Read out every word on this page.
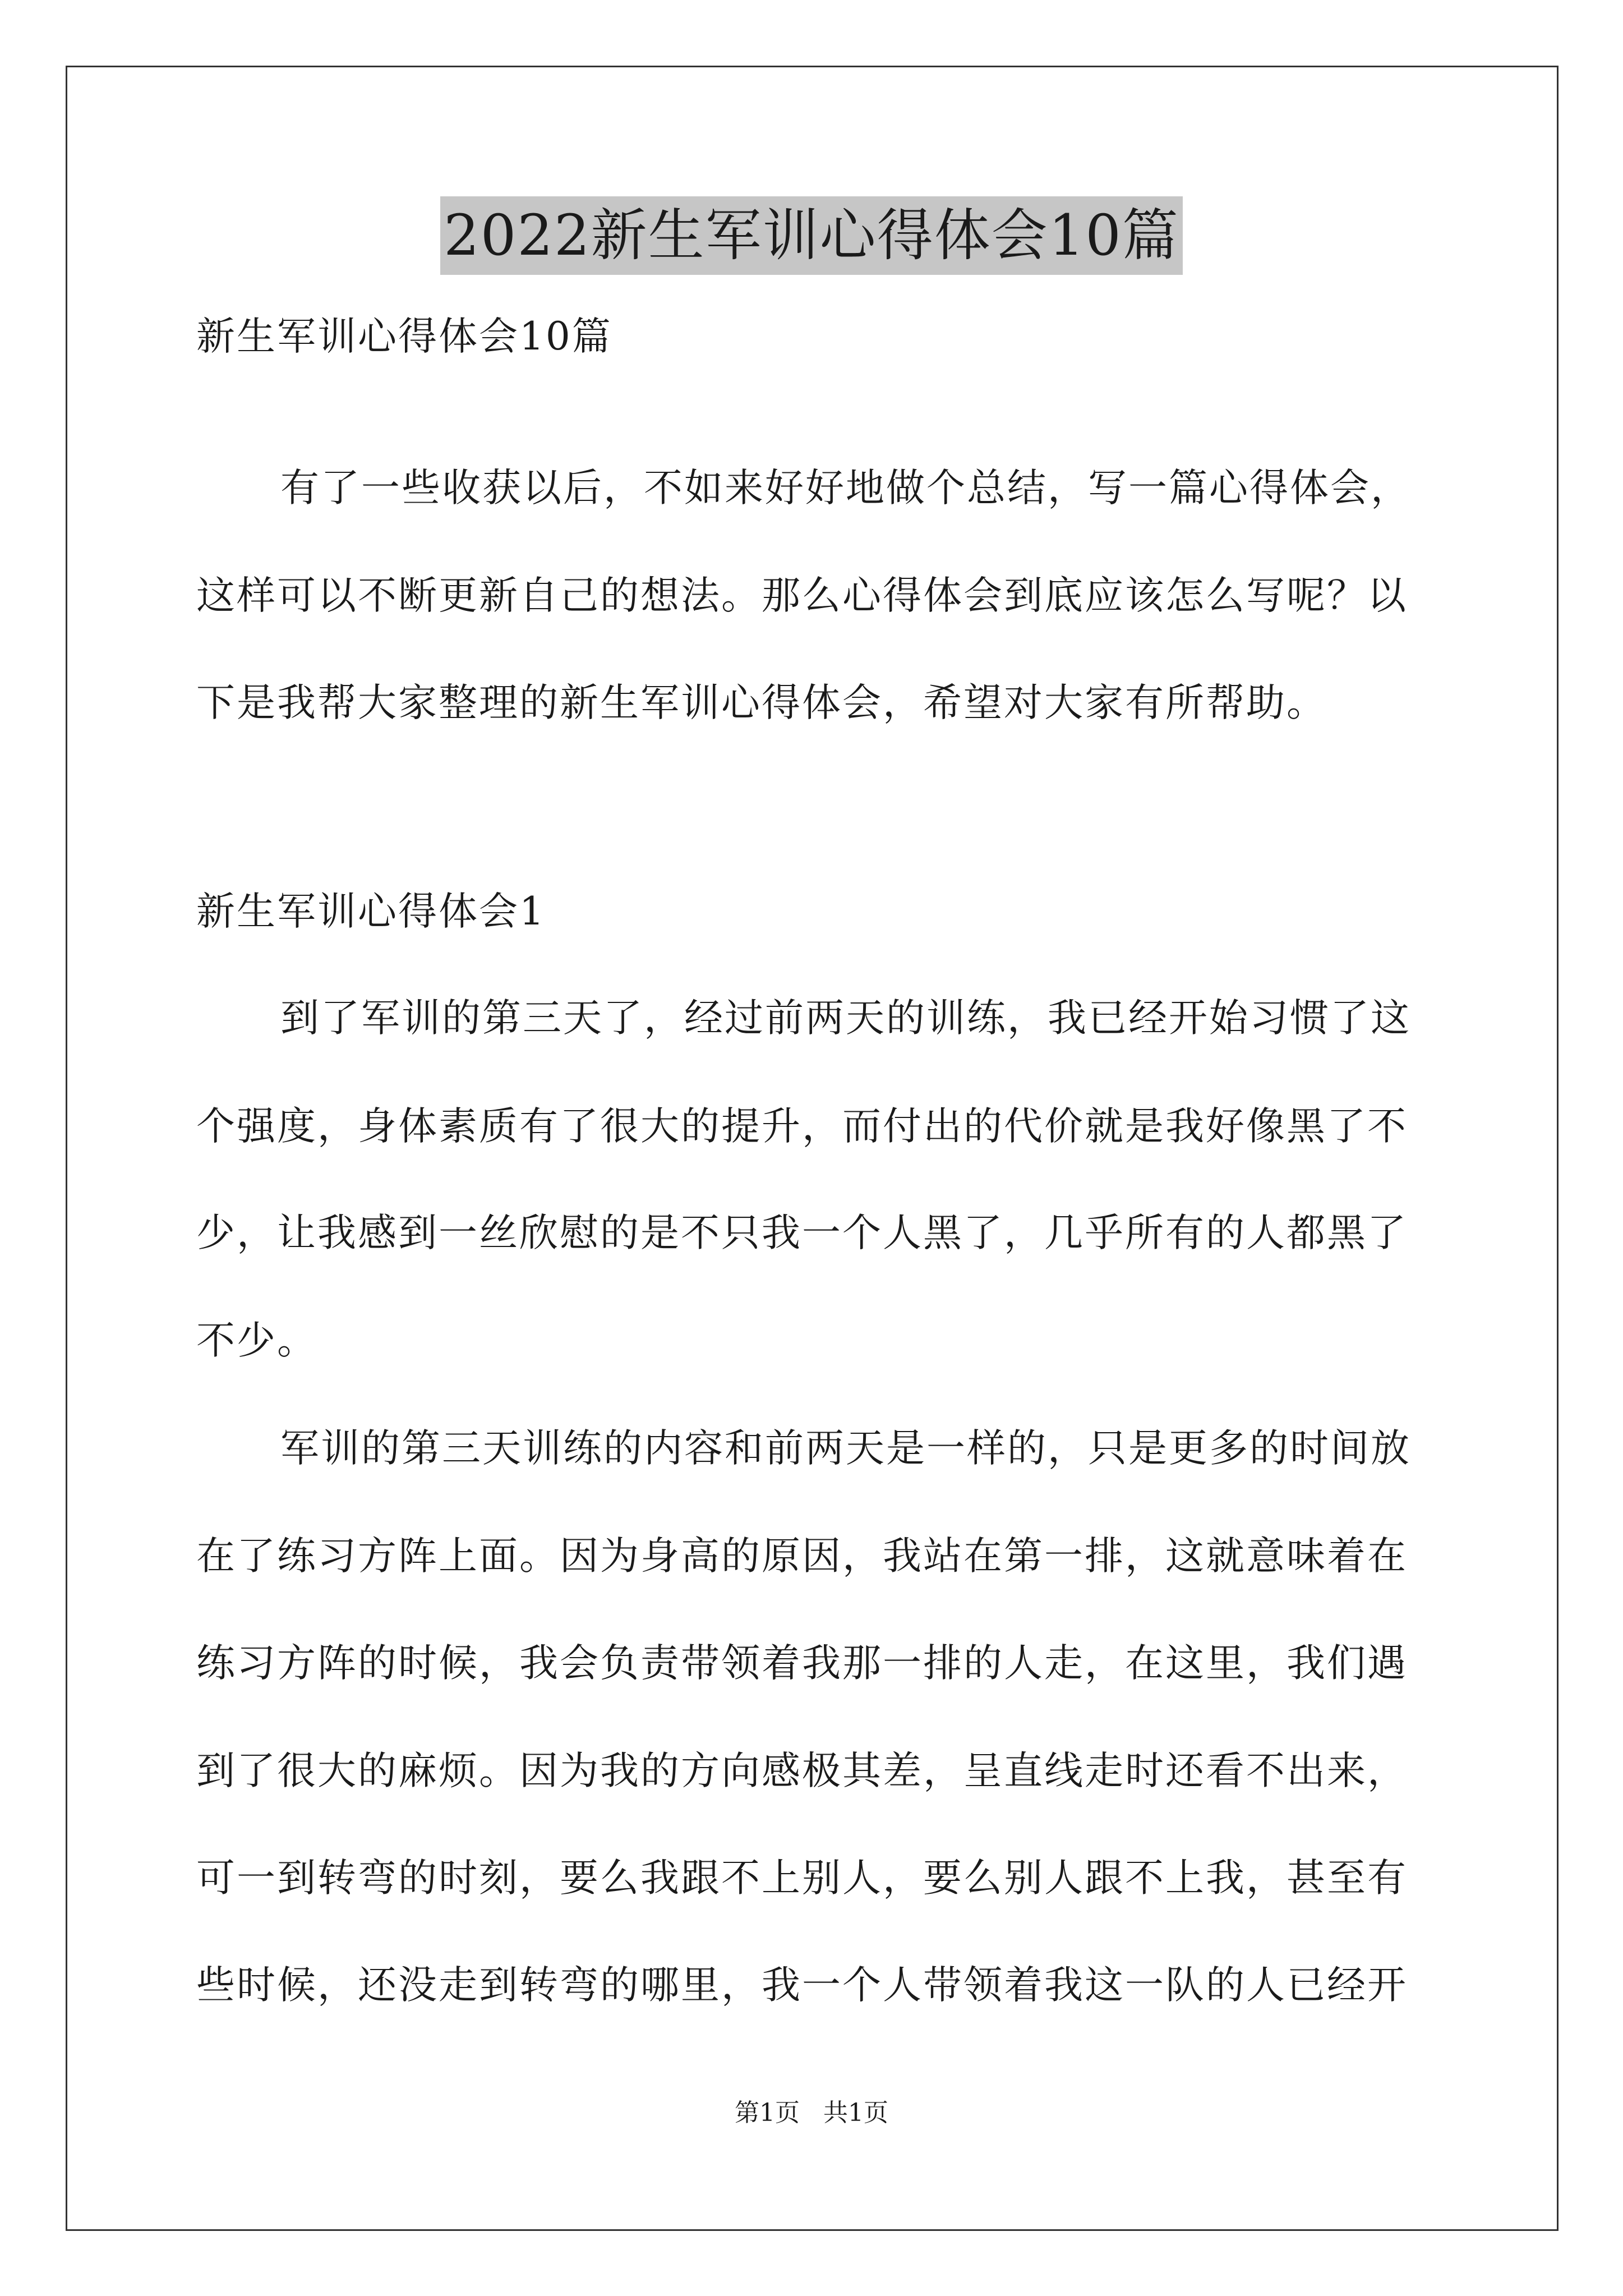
2022新生军训心得体会10篇
新生军训心得体会10篇
有了一些收获以后，不如来好好地做个总结，写一篇心得体会，
这样可以不断更新自己的想法。那么心得体会到底应该怎么写呢？以
下是我帮大家整理的新生军训心得体会，希望对大家有所帮助。
新生军训心得体会1
到了军训的第三天了，经过前两天的训练，我已经开始习惯了这
个强度，身体素质有了很大的提升，而付出的代价就是我好像黑了不
少，让我感到一丝欣慰的是不只我一个人黑了，几乎所有的人都黑了
不少。
军训的第三天训练的内容和前两天是一样的，只是更多的时间放
在了练习方阵上面。因为身高的原因，我站在第一排，这就意味着在
练习方阵的时候，我会负责带领着我那一排的人走，在这里，我们遇
到了很大的麻烦。因为我的方向感极其差，呈直线走时还看不出来，
可一到转弯的时刻，要么我跟不上别人，要么别人跟不上我，甚至有
些时候，还没走到转弯的哪里，我一个人带领着我这一队的人已经开
第1页 共1页
